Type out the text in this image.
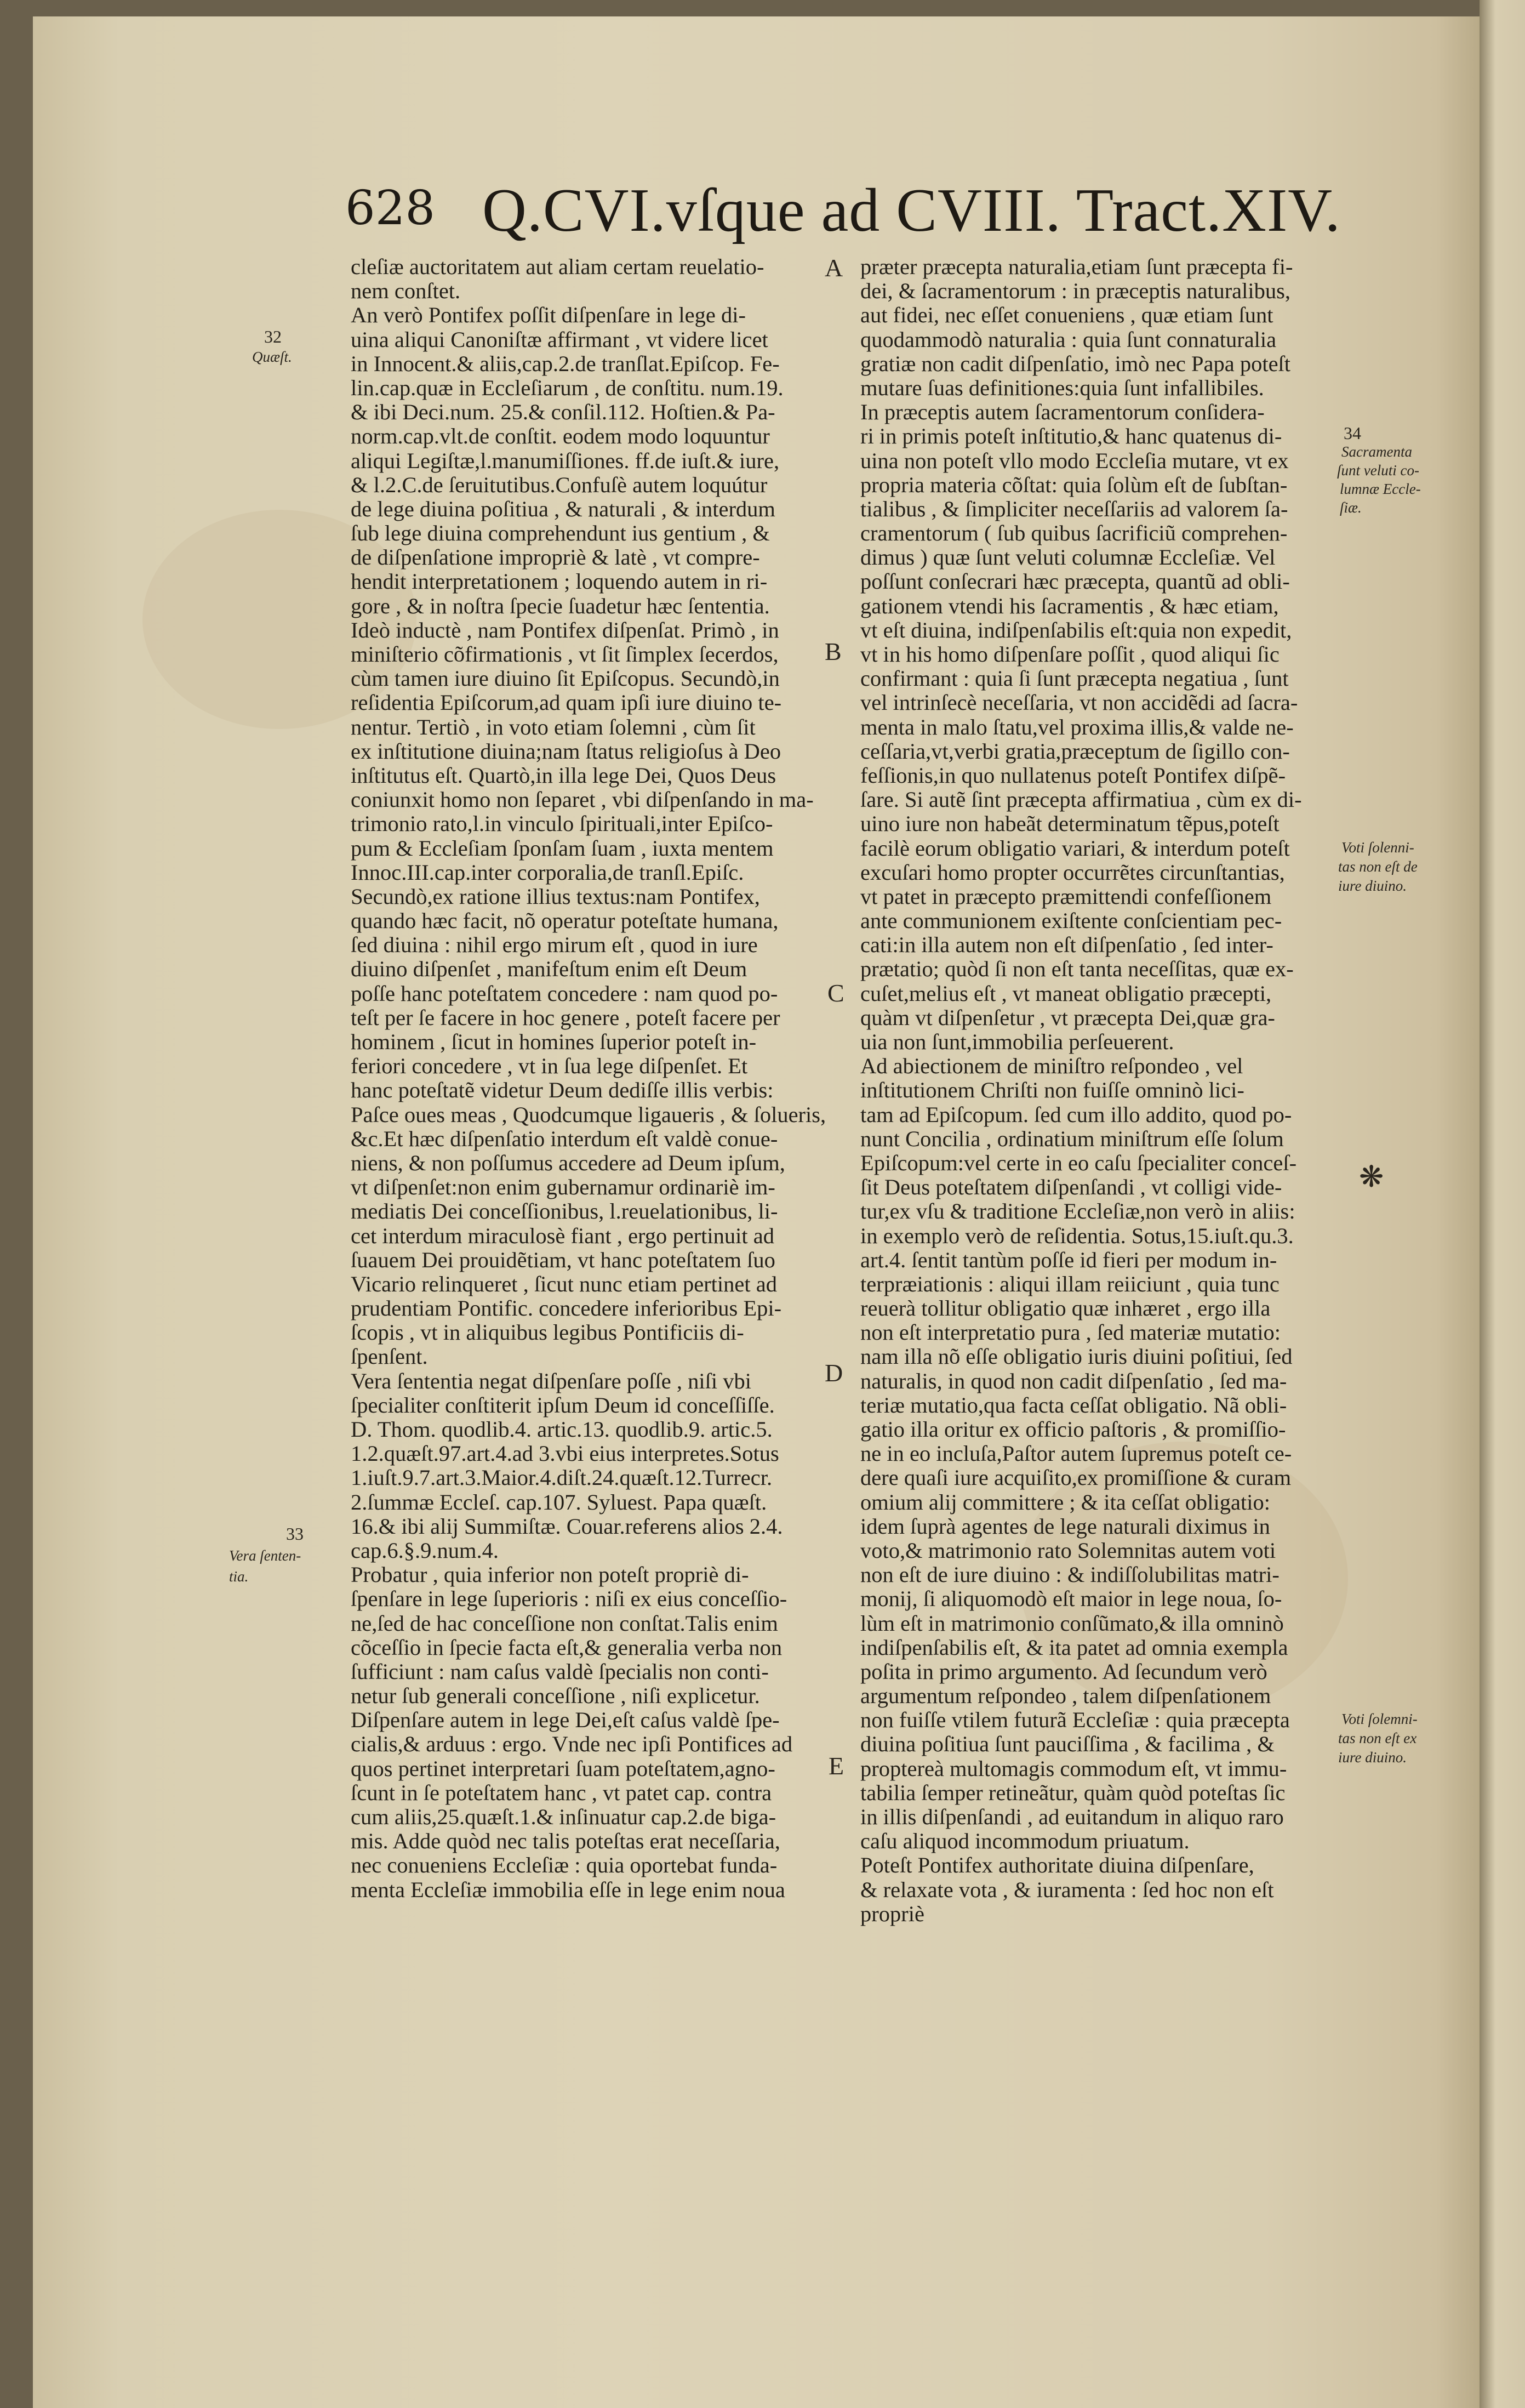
628 Q.CVI.vſque ad CVIII. Tract.XIV.
cleſiæ auctoritatem aut aliam certam reuelatio-
nem conſtet.
An verò Pontifex poſſit diſpenſare in lege di-
uina aliqui Canoniſtæ affirmant , vt videre licet
in Innocent.& aliis,cap.2.de tranſlat.Epiſcop. Fe-
lin.cap.quæ in Eccleſiarum , de conſtitu. num.19.
& ibi Deci.num. 25.& conſil.112. Hoſtien.& Pa-
norm.cap.vlt.de conſtit. eodem modo loquuntur
aliqui Legiſtæ,l.manumiſſiones. ff.de iuſt.& iure,
& l.2.C.de ſeruitutibus.Confuſè autem loquútur
de lege diuina poſitiua , & naturali , & interdum
ſub lege diuina comprehendunt ius gentium , &
de diſpenſatione impropriè & latè , vt compre-
hendit interpretationem ; loquendo autem in ri-
gore , & in noſtra ſpecie ſuadetur hæc ſententia.
Ideò inductè , nam Pontifex diſpenſat. Primò , in
miniſterio cõfirmationis , vt ſit ſimplex ſecerdos,
cùm tamen iure diuino ſit Epiſcopus. Secundò,in
reſidentia Epiſcorum,ad quam ipſi iure diuino te-
nentur. Tertiò , in voto etiam ſolemni , cùm ſit
ex inſtitutione diuina;nam ſtatus religioſus à Deo
inſtitutus eſt. Quartò,in illa lege Dei, Quos Deus
coniunxit homo non ſeparet , vbi diſpenſando in ma-
trimonio rato,l.in vinculo ſpirituali,inter Epiſco-
pum & Eccleſiam ſponſam ſuam , iuxta mentem
Innoc.III.cap.inter corporalia,de tranſl.Epiſc.
Secundò,ex ratione illius textus:nam Pontifex,
quando hæc facit, nõ operatur poteſtate humana,
ſed diuina : nihil ergo mirum eſt , quod in iure
diuino diſpenſet , manifeſtum enim eſt Deum
poſſe hanc poteſtatem concedere : nam quod po-
teſt per ſe facere in hoc genere , poteſt facere per
hominem , ſicut in homines ſuperior poteſt in-
feriori concedere , vt in ſua lege diſpenſet. Et
hanc poteſtatẽ videtur Deum dediſſe illis verbis:
Paſce oues meas , Quodcumque ligaueris , & ſolueris,
&c.Et hæc diſpenſatio interdum eſt valdè conue-
niens, & non poſſumus accedere ad Deum ipſum,
vt diſpenſet:non enim gubernamur ordinariè im-
mediatis Dei conceſſionibus, l.reuelationibus, li-
cet interdum miraculosè fiant , ergo pertinuit ad
ſuauem Dei prouidẽtiam, vt hanc poteſtatem ſuo
Vicario relinqueret , ſicut nunc etiam pertinet ad
prudentiam Pontific. concedere inferioribus Epi-
ſcopis , vt in aliquibus legibus Pontificiis di-
ſpenſent.
Vera ſententia negat diſpenſare poſſe , niſi vbi
ſpecialiter conſtiterit ipſum Deum id conceſſiſſe.
D. Thom. quodlib.4. artic.13. quodlib.9. artic.5.
1.2.quæſt.97.art.4.ad 3.vbi eius interpretes.Sotus
1.iuſt.9.7.art.3.Maior.4.diſt.24.quæſt.12.Turrecr.
2.ſummæ Eccleſ. cap.107. Syluest. Papa quæſt.
16.& ibi alij Summiſtæ. Couar.referens alios 2.4.
cap.6.§.9.num.4.
Probatur , quia inferior non poteſt propriè di-
ſpenſare in lege ſuperioris : niſi ex eius conceſſio-
ne,ſed de hac conceſſione non conſtat.Talis enim
cõceſſio in ſpecie facta eſt,& generalia verba non
ſufficiunt : nam caſus valdè ſpecialis non conti-
netur ſub generali conceſſione , niſi explicetur.
Diſpenſare autem in lege Dei,eſt caſus valdè ſpe-
cialis,& arduus : ergo. Vnde nec ipſi Pontifices ad
quos pertinet interpretari ſuam poteſtatem,agno-
ſcunt in ſe poteſtatem hanc , vt patet cap. contra
cum aliis,25.quæſt.1.& inſinuatur cap.2.de biga-
mis. Adde quòd nec talis poteſtas erat neceſſaria,
nec conueniens Eccleſiæ : quia oportebat funda-
menta Eccleſiæ immobilia eſſe in lege enim noua
præter præcepta naturalia,etiam ſunt præcepta fi-
dei, & ſacramentorum : in præceptis naturalibus,
aut fidei, nec eſſet conueniens , quæ etiam ſunt
quodammodò naturalia : quia ſunt connaturalia
gratiæ non cadit diſpenſatio, imò nec Papa poteſt
mutare ſuas definitiones:quia ſunt infallibiles.
In præceptis autem ſacramentorum conſidera-
ri in primis poteſt inſtitutio,& hanc quatenus di-
uina non poteſt vllo modo Eccleſia mutare, vt ex
propria materia cõſtat: quia ſolùm eſt de ſubſtan-
tialibus , & ſimpliciter neceſſariis ad valorem ſa-
cramentorum ( ſub quibus ſacrificiũ comprehen-
dimus ) quæ ſunt veluti columnæ Eccleſiæ. Vel
poſſunt conſecrari hæc præcepta, quantũ ad obli-
gationem vtendi his ſacramentis , & hæc etiam,
vt eſt diuina, indiſpenſabilis eſt:quia non expedit,
vt in his homo diſpenſare poſſit , quod aliqui ſic
confirmant : quia ſi ſunt præcepta negatiua , ſunt
vel intrinſecè neceſſaria, vt non accidẽdi ad ſacra-
menta in malo ſtatu,vel proxima illis,& valde ne-
ceſſaria,vt,verbi gratia,præceptum de ſigillo con-
feſſionis,in quo nullatenus poteſt Pontifex diſpẽ-
ſare. Si autẽ ſint præcepta affirmatiua , cùm ex di-
uino iure non habeãt determinatum tẽpus,poteſt
facilè eorum obligatio variari, & interdum poteſt
excuſari homo propter occurrẽtes circunſtantias,
vt patet in præcepto præmittendi confeſſionem
ante communionem exiſtente conſcientiam pec-
cati:in illa autem non eſt diſpenſatio , ſed inter-
prætatio; quòd ſi non eſt tanta neceſſitas, quæ ex-
cuſet,melius eſt , vt maneat obligatio præcepti,
quàm vt diſpenſetur , vt præcepta Dei,quæ gra-
uia non ſunt,immobilia perſeuerent.
Ad abiectionem de miniſtro reſpondeo , vel
inſtitutionem Chriſti non fuiſſe omninò lici-
tam ad Epiſcopum. ſed cum illo addito, quod po-
nunt Concilia , ordinatium miniſtrum eſſe ſolum
Epiſcopum:vel certe in eo caſu ſpecialiter conceſ-
ſit Deus poteſtatem diſpenſandi , vt colligi vide-
tur,ex vſu & traditione Eccleſiæ,non verò in aliis:
in exemplo verò de reſidentia. Sotus,15.iuſt.qu.3.
art.4. ſentit tantùm poſſe id fieri per modum in-
terpræiationis : aliqui illam reiiciunt , quia tunc
reuerà tollitur obligatio quæ inhæret , ergo illa
non eſt interpretatio pura , ſed materiæ mutatio:
nam illa nõ eſſe obligatio iuris diuini poſitiui, ſed
naturalis, in quod non cadit diſpenſatio , ſed ma-
teriæ mutatio,qua facta ceſſat obligatio. Nã obli-
gatio illa oritur ex officio paſtoris , & promiſſio-
ne in eo incluſa,Paſtor autem ſupremus poteſt ce-
dere quaſi iure acquiſito,ex promiſſione & curam
omium alij committere ; & ita ceſſat obligatio:
idem ſuprà agentes de lege naturali diximus in
voto,& matrimonio rato Solemnitas autem voti
non eſt de iure diuino : & indiſſolubilitas matri-
monij, ſi aliquomodò eſt maior in lege noua, ſo-
lùm eſt in matrimonio conſũmato,& illa omninò
indiſpenſabilis eſt, & ita patet ad omnia exempla
poſita in primo argumento. Ad ſecundum verò
argumentum reſpondeo , talem diſpenſationem
non fuiſſe vtilem futurã Eccleſiæ : quia præcepta
diuina poſitiua ſunt pauciſſima , & facilima , &
proptereà multomagis commodum eſt, vt immu-
tabilia ſemper retineãtur, quàm quòd poteſtas ſic
in illis diſpenſandi , ad euitandum in aliquo raro
caſu aliquod incommodum priuatum.
Poteſt Pontifex authoritate diuina diſpenſare,
& relaxate vota , & iuramenta : ſed hoc non eſt
propriè
A
B
C
D
E
32
Quæſt.
33
Vera ſenten-
tia.
34
Sacramenta
ſunt veluti co-
lumnæ Eccle-
ſiæ.
Voti ſolenni-
tas non eſt de
iure diuino.
❋
Voti ſolemni-
tas non eſt ex
iure diuino.
